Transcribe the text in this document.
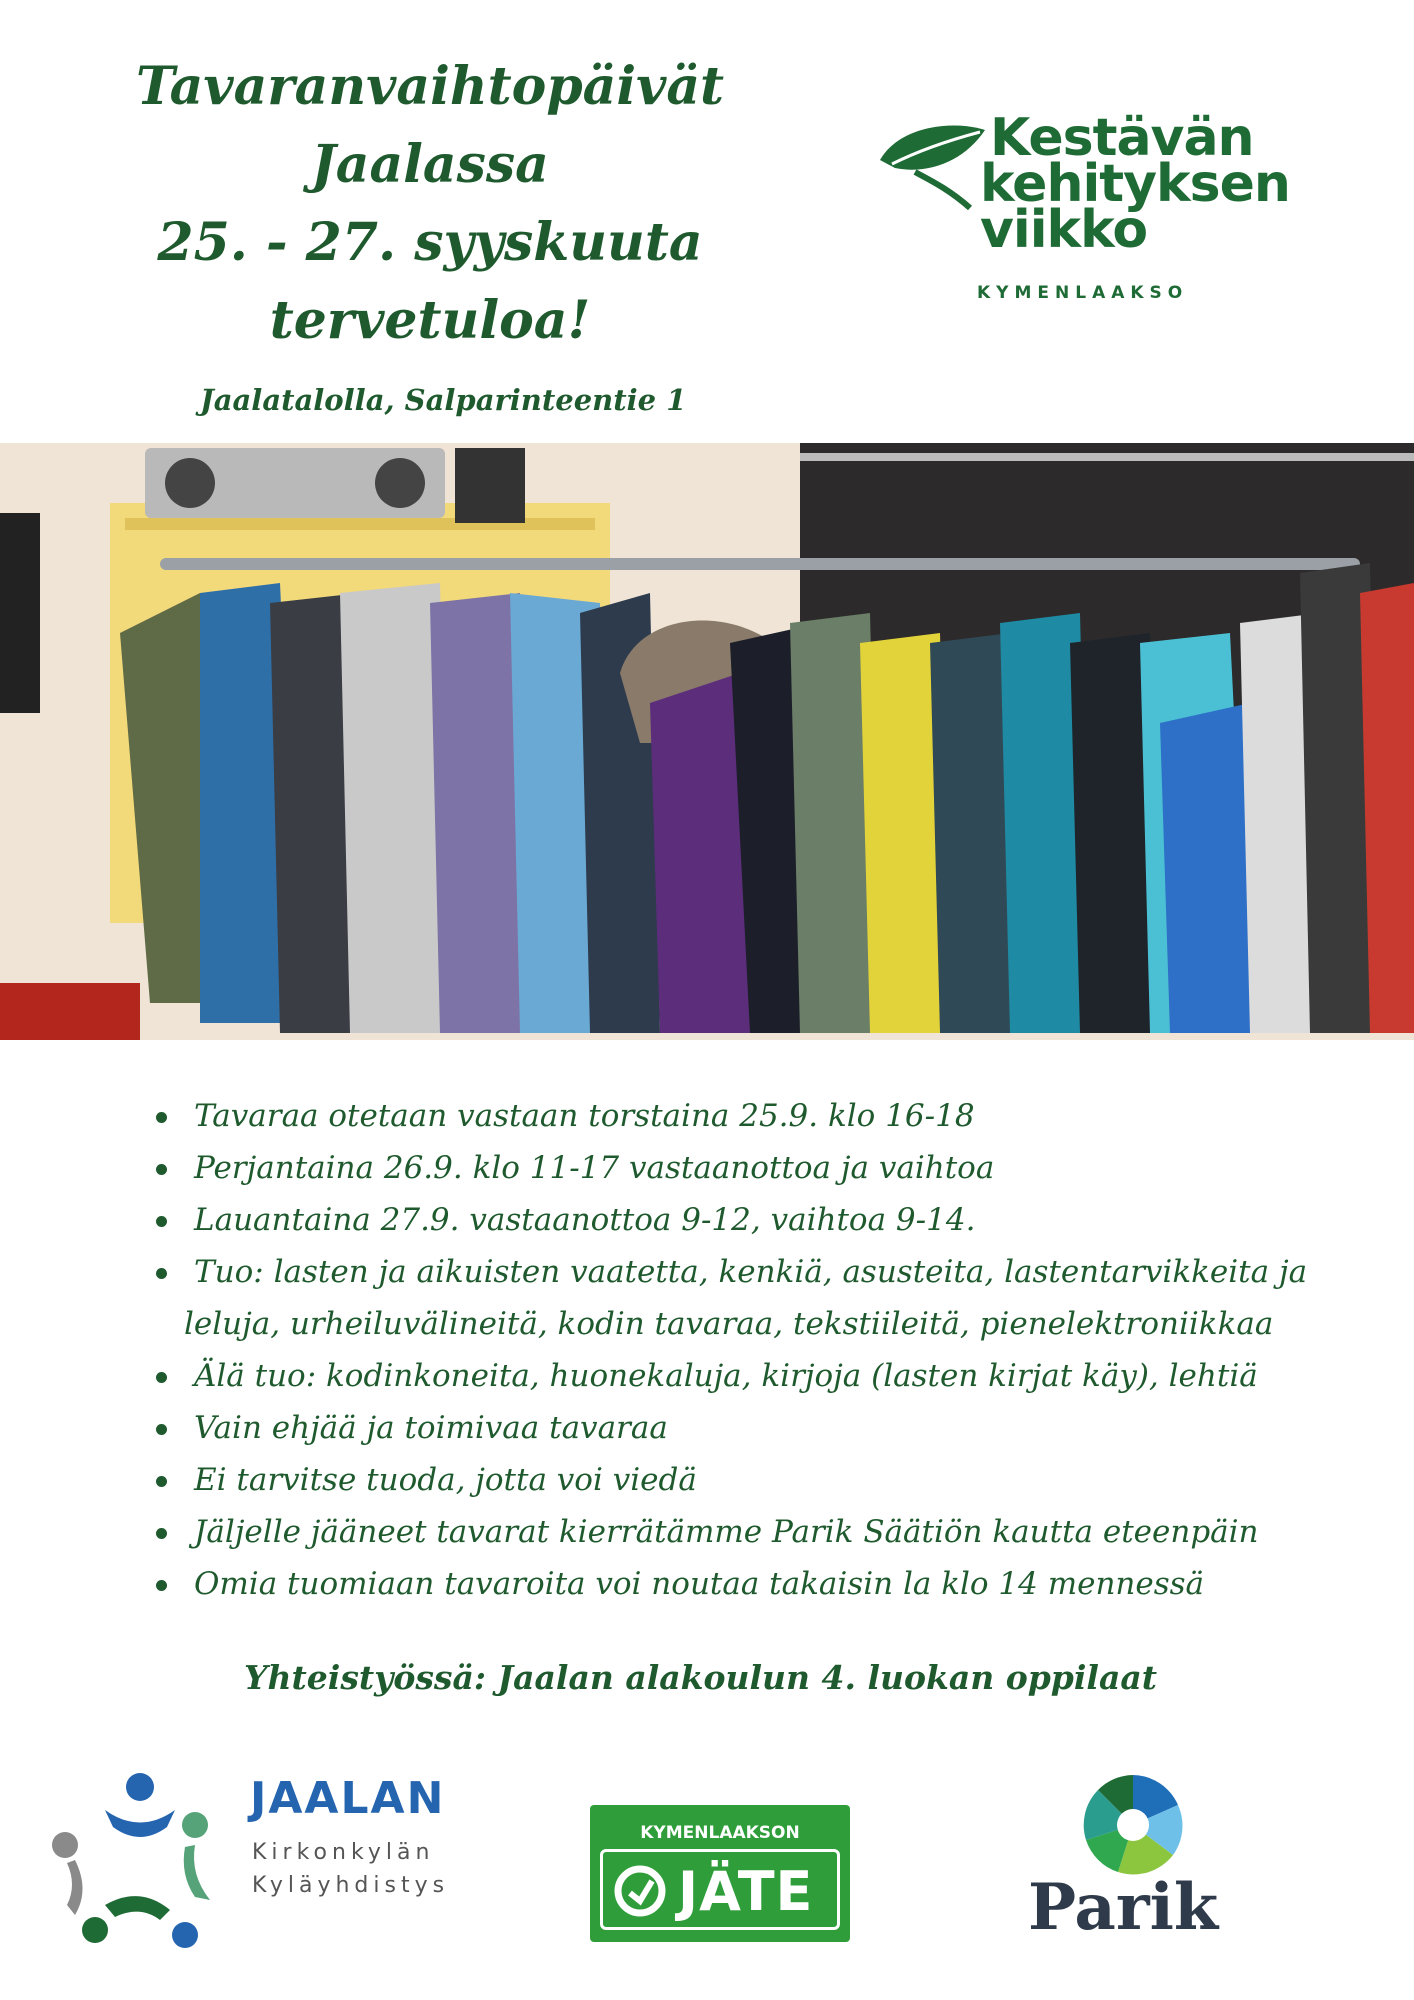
Tavaranvaihtopäivät
Jaalassa
25. - 27. syyskuuta
tervetuloa!
Jaalatalolla, Salparinteentie 1
Kestävän
kehityksen
viikko
KYMENLAAKSO
Tavaraa otetaan vastaan torstaina 25.9. klo 16-18
Perjantaina 26.9. klo 11-17 vastaanottoa ja vaihtoa
Lauantaina 27.9. vastaanottoa 9-12, vaihtoa 9-14.
Tuo: lasten ja aikuisten vaatetta, kenkiä, asusteita, lastentarvikkeita ja
leluja, urheiluvälineitä, kodin tavaraa, tekstiileitä, pienelektroniikkaa
Älä tuo: kodinkoneita, huonekaluja, kirjoja (lasten kirjat käy), lehtiä
Vain ehjää ja toimivaa tavaraa
Ei tarvitse tuoda, jotta voi viedä
Jäljelle jääneet tavarat kierrätämme Parik Säätiön kautta eteenpäin
Omia tuomiaan tavaroita voi noutaa takaisin la klo 14 mennessä
Yhteistyössä: Jaalan alakoulun 4. luokan oppilaat
JAALAN
Kirkonkylän
Kyläyhdistys
KYMENLAAKSON
JÄTE	Parik
